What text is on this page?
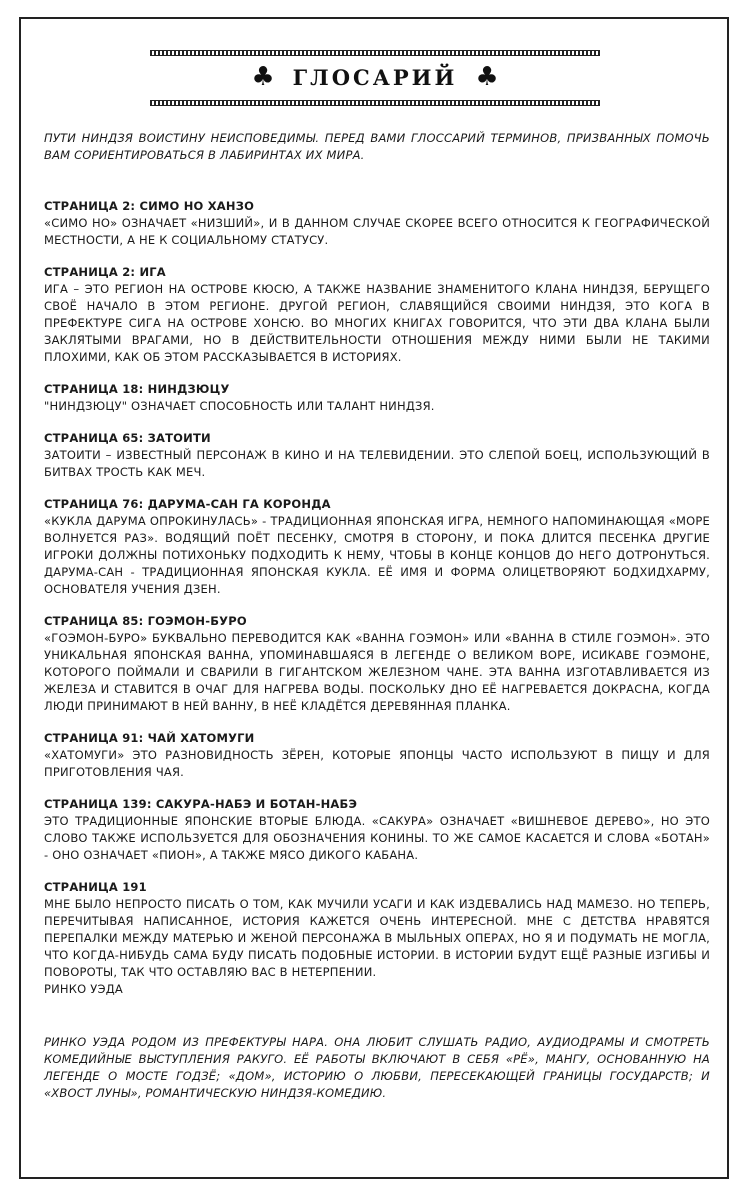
♣ ГЛОСАРИЙ ♣

ПУТИ НИНДЗЯ ВОИСТИНУ НЕИСПОВЕДИМЫ. ПЕРЕД ВАМИ ГЛОССАРИЙ ТЕРМИНОВ, ПРИЗВАННЫХ ПОМОЧЬ ВАМ СОРИЕНТИРОВАТЬСЯ В ЛАБИРИНТАХ ИХ МИРА.

СТРАНИЦА 2: СИМО НО ХАНЗО

«СИМО НО» ОЗНАЧАЕТ «НИЗШИЙ», И В ДАННОМ СЛУЧАЕ СКОРЕЕ ВСЕГО ОТНОСИТСЯ К ГЕОГРАФИЧЕСКОЙ МЕСТНОСТИ, А НЕ К СОЦИАЛЬНОМУ СТАТУСУ.

СТРАНИЦА 2: ИГА

ИГА – ЭТО РЕГИОН НА ОСТРОВЕ КЮСЮ, А ТАКЖЕ НАЗВАНИЕ ЗНАМЕНИТОГО КЛАНА НИНДЗЯ, БЕРУЩЕГО СВОЁ НАЧАЛО В ЭТОМ РЕГИОНЕ. ДРУГОЙ РЕГИОН, СЛАВЯЩИЙСЯ СВОИМИ НИНДЗЯ, ЭТО КОГА В ПРЕФЕКТУРЕ СИГА НА ОСТРОВЕ ХОНСЮ. ВО МНОГИХ КНИГАХ ГОВОРИТСЯ, ЧТО ЭТИ ДВА КЛАНА БЫЛИ ЗАКЛЯТЫМИ ВРАГАМИ, НО В ДЕЙСТВИТЕЛЬНОСТИ ОТНОШЕНИЯ МЕЖДУ НИМИ БЫЛИ НЕ ТАКИМИ ПЛОХИМИ, КАК ОБ ЭТОМ РАССКАЗЫВАЕТСЯ В ИСТОРИЯХ.

СТРАНИЦА 18: НИНДЗЮЦУ

"НИНДЗЮЦУ" ОЗНАЧАЕТ СПОСОБНОСТЬ ИЛИ ТАЛАНТ НИНДЗЯ.

СТРАНИЦА 65: ЗАТОИТИ

ЗАТОИТИ – ИЗВЕСТНЫЙ ПЕРСОНАЖ В КИНО И НА ТЕЛЕВИДЕНИИ. ЭТО СЛЕПОЙ БОЕЦ, ИСПОЛЬЗУЮЩИЙ В БИТВАХ ТРОСТЬ КАК МЕЧ.

СТРАНИЦА 76: ДАРУМА-САН ГА КОРОНДА

«КУКЛА ДАРУМА ОПРОКИНУЛАСЬ» - ТРАДИЦИОННАЯ ЯПОНСКАЯ ИГРА, НЕМНОГО НАПОМИНАЮЩАЯ «МОРЕ ВОЛНУЕТСЯ РАЗ». ВОДЯЩИЙ ПОЁТ ПЕСЕНКУ, СМОТРЯ В СТОРОНУ, И ПОКА ДЛИТСЯ ПЕСЕНКА ДРУГИЕ ИГРОКИ ДОЛЖНЫ ПОТИХОНЬКУ ПОДХОДИТЬ К НЕМУ, ЧТОБЫ В КОНЦЕ КОНЦОВ ДО НЕГО ДОТРОНУТЬСЯ. ДАРУМА-САН - ТРАДИЦИОННАЯ ЯПОНСКАЯ КУКЛА. ЕЁ ИМЯ И ФОРМА ОЛИЦЕТВОРЯЮТ БОДХИДХАРМУ, ОСНОВАТЕЛЯ УЧЕНИЯ ДЗЕН.

СТРАНИЦА 85: ГОЭМОН-БУРО

«ГОЭМОН-БУРО» БУКВАЛЬНО ПЕРЕВОДИТСЯ КАК «ВАННА ГОЭМОН» ИЛИ «ВАННА В СТИЛЕ ГОЭМОН». ЭТО УНИКАЛЬНАЯ ЯПОНСКАЯ ВАННА, УПОМИНАВШАЯСЯ В ЛЕГЕНДЕ О ВЕЛИКОМ ВОРЕ, ИСИКАВЕ ГОЭМОНЕ, КОТОРОГО ПОЙМАЛИ И СВАРИЛИ В ГИГАНТСКОМ ЖЕЛЕЗНОМ ЧАНЕ. ЭТА ВАННА ИЗГОТАВЛИВАЕТСЯ ИЗ ЖЕЛЕЗА И СТАВИТСЯ В ОЧАГ ДЛЯ НАГРЕВА ВОДЫ. ПОСКОЛЬКУ ДНО ЕЁ НАГРЕВАЕТСЯ ДОКРАСНА, КОГДА ЛЮДИ ПРИНИМАЮТ В НЕЙ ВАННУ, В НЕЁ КЛАДЁТСЯ ДЕРЕВЯННАЯ ПЛАНКА.

СТРАНИЦА 91: ЧАЙ ХАТОМУГИ

«ХАТОМУГИ» ЭТО РАЗНОВИДНОСТЬ ЗЁРЕН, КОТОРЫЕ ЯПОНЦЫ ЧАСТО ИСПОЛЬЗУЮТ В ПИЩУ И ДЛЯ ПРИГОТОВЛЕНИЯ ЧАЯ.

СТРАНИЦА 139: САКУРА-НАБЭ И БОТАН-НАБЭ

ЭТО ТРАДИЦИОННЫЕ ЯПОНСКИЕ ВТОРЫЕ БЛЮДА. «САКУРА» ОЗНАЧАЕТ «ВИШНЕВОЕ ДЕРЕВО», НО ЭТО СЛОВО ТАКЖЕ ИСПОЛЬЗУЕТСЯ ДЛЯ ОБОЗНАЧЕНИЯ КОНИНЫ. ТО ЖЕ САМОЕ КАСАЕТСЯ И СЛОВА «БОТАН» - ОНО ОЗНАЧАЕТ «ПИОН», А ТАКЖЕ МЯСО ДИКОГО КАБАНА.

СТРАНИЦА 191

МНЕ БЫЛО НЕПРОСТО ПИСАТЬ О ТОМ, КАК МУЧИЛИ УСАГИ И КАК ИЗДЕВАЛИСЬ НАД МАМЕЗО. НО ТЕПЕРЬ, ПЕРЕЧИТЫВАЯ НАПИСАННОЕ, ИСТОРИЯ КАЖЕТСЯ ОЧЕНЬ ИНТЕРЕСНОЙ. МНЕ С ДЕТСТВА НРАВЯТСЯ ПЕРЕПАЛКИ МЕЖДУ МАТЕРЬЮ И ЖЕНОЙ ПЕРСОНАЖА В МЫЛЬНЫХ ОПЕРАХ, НО Я И ПОДУМАТЬ НЕ МОГЛА, ЧТО КОГДА-НИБУДЬ САМА БУДУ ПИСАТЬ ПОДОБНЫЕ ИСТОРИИ. В ИСТОРИИ БУДУТ ЕЩЁ РАЗНЫЕ ИЗГИБЫ И ПОВОРОТЫ, ТАК ЧТО ОСТАВЛЯЮ ВАС В НЕТЕРПЕНИИ.

РИНКО УЭДА

РИНКО УЭДА РОДОМ ИЗ ПРЕФЕКТУРЫ НАРА. ОНА ЛЮБИТ СЛУШАТЬ РАДИО, АУДИОДРАМЫ И СМОТРЕТЬ КОМЕДИЙНЫЕ ВЫСТУПЛЕНИЯ РАКУГО. ЕЁ РАБОТЫ ВКЛЮЧАЮТ В СЕБЯ «РЁ», МАНГУ, ОСНОВАННУЮ НА ЛЕГЕНДЕ О МОСТЕ ГОДЗЁ; «ДОМ», ИСТОРИЮ О ЛЮБВИ, ПЕРЕСЕКАЮЩЕЙ ГРАНИЦЫ ГОСУДАРСТВ; И «ХВОСТ ЛУНЫ», РОМАНТИЧЕСКУЮ НИНДЗЯ-КОМЕДИЮ.
